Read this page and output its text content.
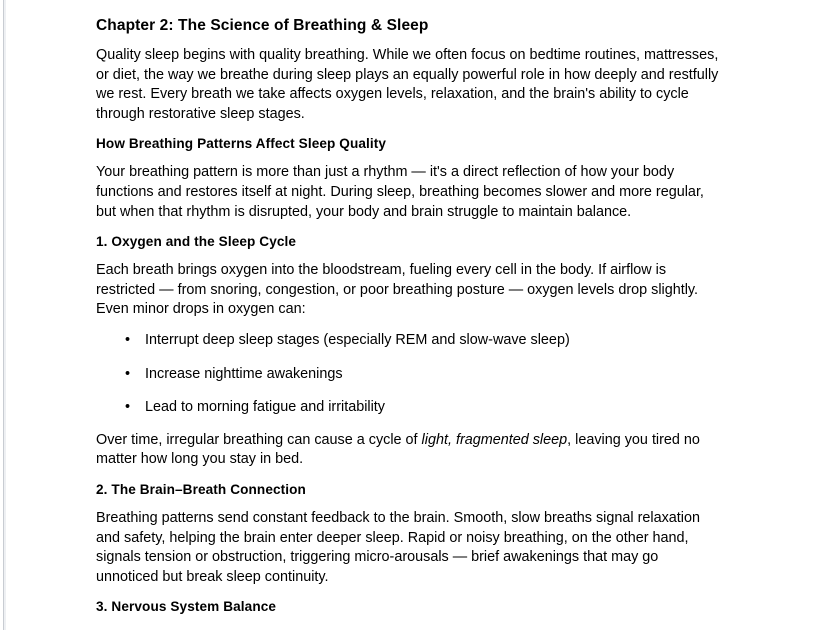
Chapter 2: The Science of Breathing & Sleep

Quality sleep begins with quality breathing. While we often focus on bedtime routines, mattresses, or diet, the way we breathe during sleep plays an equally powerful role in how deeply and restfully we rest. Every breath we take affects oxygen levels, relaxation, and the brain's ability to cycle through restorative sleep stages.

How Breathing Patterns Affect Sleep Quality

Your breathing pattern is more than just a rhythm — it's a direct reflection of how your body functions and restores itself at night. During sleep, breathing becomes slower and more regular, but when that rhythm is disrupted, your body and brain struggle to maintain balance.

1. Oxygen and the Sleep Cycle

Each breath brings oxygen into the bloodstream, fueling every cell in the body. If airflow is restricted — from snoring, congestion, or poor breathing posture — oxygen levels drop slightly. Even minor drops in oxygen can:

• Interrupt deep sleep stages (especially REM and slow-wave sleep)
• Increase nighttime awakenings
• Lead to morning fatigue and irritability

Over time, irregular breathing can cause a cycle of light, fragmented sleep, leaving you tired no matter how long you stay in bed.

2. The Brain–Breath Connection

Breathing patterns send constant feedback to the brain. Smooth, slow breaths signal relaxation and safety, helping the brain enter deeper sleep. Rapid or noisy breathing, on the other hand, signals tension or obstruction, triggering micro-arousals — brief awakenings that may go unnoticed but break sleep continuity.

3. Nervous System Balance
